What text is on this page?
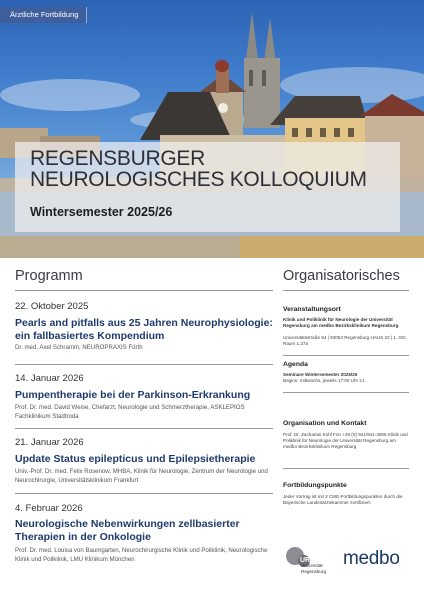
Ärztliche Fortbildung
REGENSBURGER
NEUROLOGISCHES KOLLOQUIUM
Wintersemester 2025/26
Programm
22. Oktober 2025
Pearls and pitfalls aus 25 Jahren Neurophysiologie: ein fallbasiertes Kompendium
Dr. med. Axel Schramm, NEUROPRAXIS Fürth
14. Januar 2026
Pumpentherapie bei der Parkinson-Erkrankung
Prof. Dr. med. David Weise, Chefarzt, Neurologie und Schmerztherapie, ASKLEPIOS Fachklinikum Stadtroda
21. Januar 2026
Update Status epilepticus und Epilepsietherapie
Univ.-Prof. Dr. med. Felix Rosenow, MHBA, Klinik für Neurologie, Zentrum der Neurologie und Neurochirurgie, Universitätsklinikum Frankfurt
4. Februar 2026
Neurologische Nebenwirkungen zellbasierter Therapien in der Onkologie
Prof. Dr. med. Louisa von Baumgarten, Neurochirurgische Klinik und Poliklinik, Neurologische Klinik und Poliklinik, LMU Klinikum München
Organisatorisches
Veranstaltungsort
Klinik und Poliklinik für Neurologie der Universität Regensburg am medbo Bezirksklinikum Regensburg
Universitätsstraße 84 | 93053 Regensburg HAUS 22 | 1. OG, Raum 1.27a
Agenda
Seminare Wintersemester 2025/26
Beginn: mittwochs, jeweils 17:00 Uhr s.t.
Organisation und Kontakt
Prof. Dr. Zacharias Kohl Fon +49 (0) 941/941-3006 Klinik und Poliklinik für Neurologie der Universität Regensburg am medbo Bezirksklinikum Regensburg
Fortbildungspunkte
Jeder Vortrag ist mit 2 CME-Fortbildungspunkten durch die Bayerische Landesärztekammer zertifiziert.
UR
Universität Regensburg
medbo
